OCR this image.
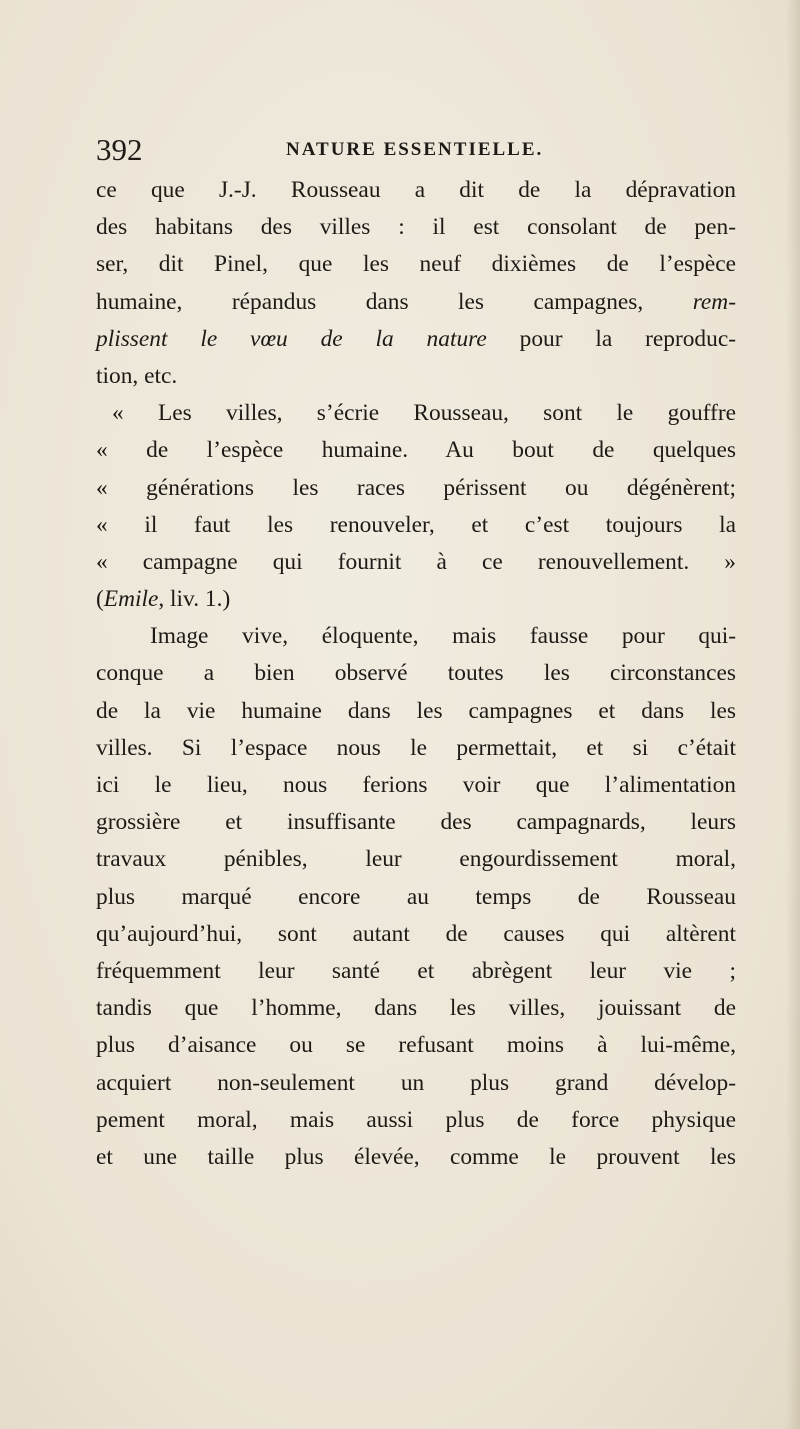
392	NATURE ESSENTIELLE.
ce que J.-J. Rousseau a dit de la dépravation
des habitans des villes : il est consolant de pen-
ser, dit Pinel, que les neuf dixièmes de l’espèce
humaine, répandus dans les campagnes, rem-
plissent le vœu de la nature pour la reproduc-
tion, etc.
« Les villes, s’écrie Rousseau, sont le gouffre
« de l’espèce humaine. Au bout de quelques
« générations les races périssent ou dégénèrent;
« il faut les renouveler, et c’est toujours la
« campagne qui fournit à ce renouvellement. »
(Emile, liv. 1.)
Image vive, éloquente, mais fausse pour qui-
conque a bien observé toutes les circonstances
de la vie humaine dans les campagnes et dans les
villes. Si l’espace nous le permettait, et si c’était
ici le lieu, nous ferions voir que l’alimentation
grossière et insuffisante des campagnards, leurs
travaux pénibles, leur engourdissement moral,
plus marqué encore au temps de Rousseau
qu’aujourd’hui, sont autant de causes qui altèrent
fréquemment leur santé et abrègent leur vie ;
tandis que l’homme, dans les villes, jouissant de
plus d’aisance ou se refusant moins à lui-même,
acquiert non-seulement un plus grand dévelop-
pement moral, mais aussi plus de force physique
et une taille plus élevée, comme le prouvent les
